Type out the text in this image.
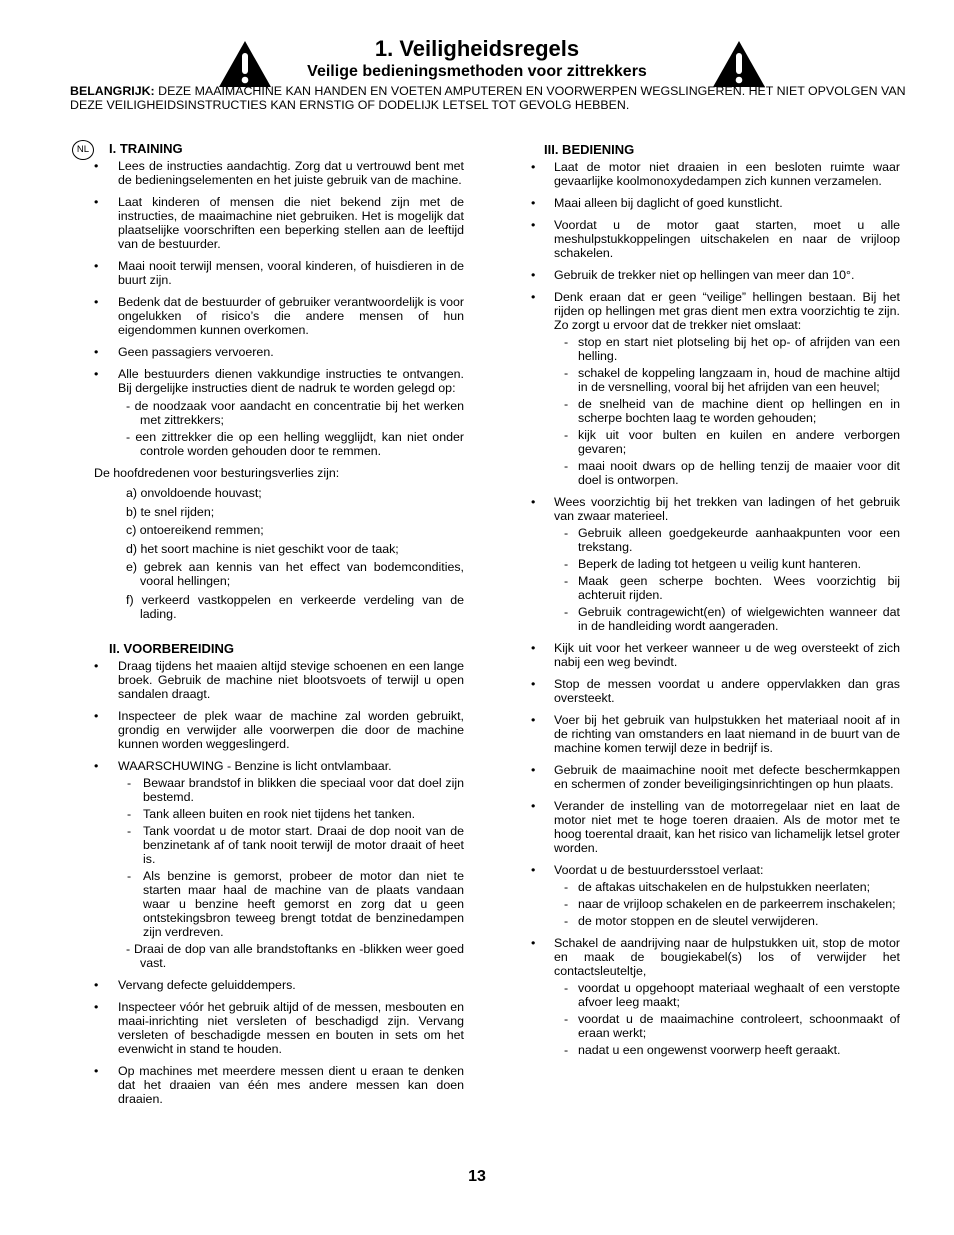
1. Veiligheidsregels
Veilige bedieningsmethoden voor zittrekkers

BELANGRIJK: DEZE MAAIMACHINE KAN HANDEN EN VOETEN AMPUTEREN EN VOORWERPEN WEGSLINGEREN. HET NIET OPVOLGEN VAN DEZE VEILIGHEIDSINSTRUCTIES KAN ERNSTIG OF DODELIJK LETSEL TOT GEVOLG HEBBEN.

NL	I. TRAINING
• Lees de instructies aandachtig. Zorg dat u vertrouwd bent met de bedieningselementen en het juiste gebruik van de machine.
• Laat kinderen of mensen die niet bekend zijn met de instructies, de maaimachine niet gebruiken. Het is mogelijk dat plaatselijke voorschriften een beperking stellen aan de leeftijd van de bestuurder.
• Maai nooit terwijl mensen, vooral kinderen, of huisdieren in de buurt zijn.
• Bedenk dat de bestuurder of gebruiker verantwoordelijk is voor ongelukken of risico’s die andere mensen of hun eigendommen kunnen overkomen.
• Geen passagiers vervoeren.
• Alle bestuurders dienen vakkundige instructies te ontvangen. Bij dergelijke instructies dient de nadruk te worden gelegd op:
- de noodzaak voor aandacht en concentratie bij het werken met zittrekkers;
- een zittrekker die op een helling wegglijdt, kan niet onder controle worden gehouden door te remmen.
De hoofdredenen voor besturingsverlies zijn:
a) onvoldoende houvast;
b) te snel rijden;
c) ontoereikend remmen;
d) het soort machine is niet geschikt voor de taak;
e) gebrek aan kennis van het effect van bodemcondities, vooral hellingen;
f) verkeerd vastkoppelen en verkeerde verdeling van de lading.
II. VOORBEREIDING
• Draag tijdens het maaien altijd stevige schoenen en een lange broek. Gebruik de machine niet blootsvoets of terwijl u open sandalen draagt.
• Inspecteer de plek waar de machine zal worden gebruikt, grondig en verwijder alle voorwerpen die door de machine kunnen worden weggeslingerd.
• WAARSCHUWING - Benzine is licht ontvlambaar.
- Bewaar brandstof in blikken die speciaal voor dat doel zijn bestemd.
- Tank alleen buiten en rook niet tijdens het tanken.
- Tank voordat u de motor start. Draai de dop nooit van de benzinetank af of tank nooit terwijl de motor draait of heet is.
- Als benzine is gemorst, probeer de motor dan niet te starten maar haal de machine van de plaats vandaan waar u benzine heeft gemorst en zorg dat u geen ontstekingsbron teweeg brengt totdat de benzinedampen zijn verdreven.
- Draai de dop van alle brandstoftanks en -blikken weer goed vast.
• Vervang defecte geluiddempers.
• Inspecteer vóór het gebruik altijd of de messen, mesbouten en maai-inrichting niet versleten of beschadigd zijn. Vervang versleten of beschadigde messen en bouten in sets om het evenwicht in stand te houden.
• Op machines met meerdere messen dient u eraan te denken dat het draaien van één mes andere messen kan doen draaien.
III. BEDIENING
• Laat de motor niet draaien in een besloten ruimte waar gevaarlijke koolmonoxydedampen zich kunnen verzamelen.
• Maai alleen bij daglicht of goed kunstlicht.
• Voordat u de motor gaat starten, moet u alle meshulpstukkoppelingen uitschakelen en naar de vrijloop schakelen.
• Gebruik de trekker niet op hellingen van meer dan 10°.
• Denk eraan dat er geen “veilige” hellingen bestaan. Bij het rijden op hellingen met gras dient men extra voorzichtig te zijn. Zo zorgt u ervoor dat de trekker niet omslaat:
- stop en start niet plotseling bij het op- of afrijden van een helling.
- schakel de koppeling langzaam in, houd de machine altijd in de versnelling, vooral bij het afrijden van een heuvel;
- de snelheid van de machine dient op hellingen en in scherpe bochten laag te worden gehouden;
- kijk uit voor bulten en kuilen en andere verborgen gevaren;
- maai nooit dwars op de helling tenzij de maaier voor dit doel is ontworpen.
• Wees voorzichtig bij het trekken van ladingen of het gebruik van zwaar materieel.
- Gebruik alleen goedgekeurde aanhaakpunten voor een trekstang.
- Beperk de lading tot hetgeen u veilig kunt hanteren.
- Maak geen scherpe bochten. Wees voorzichtig bij achteruit rijden.
- Gebruik contragewicht(en) of wielgewichten wanneer dat in de handleiding wordt aangeraden.
• Kijk uit voor het verkeer wanneer u de weg oversteekt of zich nabij een weg bevindt.
• Stop de messen voordat u andere oppervlakken dan gras oversteekt.
• Voer bij het gebruik van hulpstukken het materiaal nooit af in de richting van omstanders en laat niemand in de buurt van de machine komen terwijl deze in bedrijf is.
• Gebruik de maaimachine nooit met defecte beschermkappen en schermen of zonder beveiligingsinrichtingen op hun plaats.
• Verander de instelling van de motorregelaar niet en laat de motor niet met te hoge toeren draaien. Als de motor met te hoog toerental draait, kan het risico van lichamelijk letsel groter worden.
• Voordat u de bestuurdersstoel verlaat:
- de aftakas uitschakelen en de hulpstukken neerlaten;
- naar de vrijloop schakelen en de parkeerrem inschakelen;
- de motor stoppen en de sleutel verwijderen.
• Schakel de aandrijving naar de hulpstukken uit, stop de motor en maak de bougiekabel(s) los of verwijder het contactsleuteltje,
- voordat u opgehoopt materiaal weghaalt of een verstopte afvoer leeg maakt;
- voordat u de maaimachine controleert, schoonmaakt of eraan werkt;
- nadat u een ongewenst voorwerp heeft geraakt.
13
